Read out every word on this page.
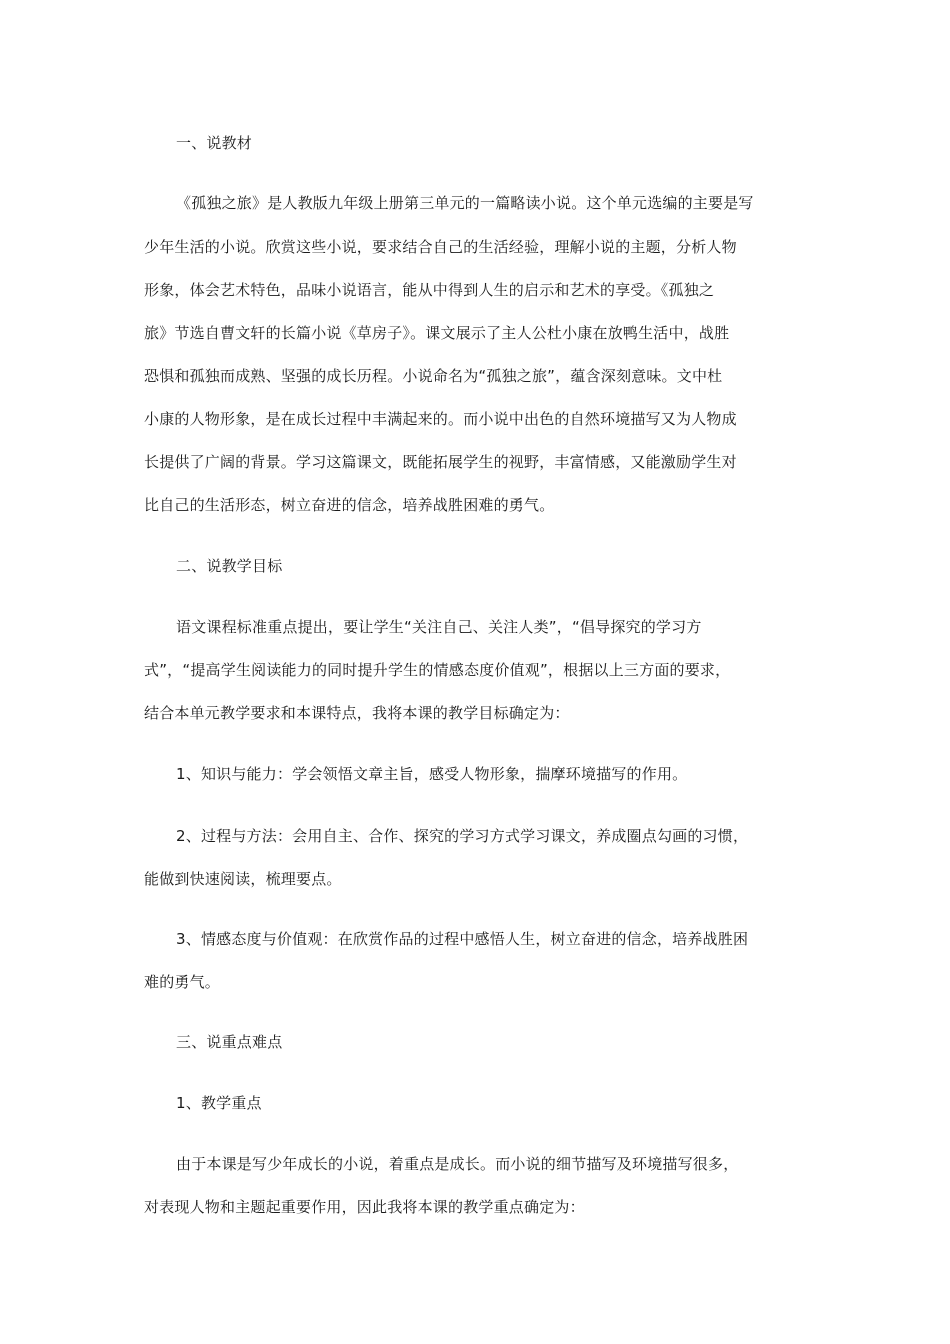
一、说教材
《孤独之旅》是人教版九年级上册第三单元的一篇略读小说。这个单元选编的主要是写
少年生活的小说。欣赏这些小说，要求结合自己的生活经验，理解小说的主题，分析人物
形象，体会艺术特色，品味小说语言，能从中得到人生的启示和艺术的享受。《孤独之
旅》节选自曹文轩的长篇小说《草房子》。课文展示了主人公杜小康在放鸭生活中，战胜
恐惧和孤独而成熟、坚强的成长历程。小说命名为“孤独之旅”，蕴含深刻意味。文中杜
小康的人物形象，是在成长过程中丰满起来的。而小说中出色的自然环境描写又为人物成
长提供了广阔的背景。学习这篇课文，既能拓展学生的视野，丰富情感，又能激励学生对
比自己的生活形态，树立奋进的信念，培养战胜困难的勇气。
二、说教学目标
语文课程标准重点提出，要让学生“关注自己、关注人类”，“倡导探究的学习方
式”，“提高学生阅读能力的同时提升学生的情感态度价值观”，根据以上三方面的要求，
结合本单元教学要求和本课特点，我将本课的教学目标确定为：
1、知识与能力：学会领悟文章主旨，感受人物形象，揣摩环境描写的作用。
2、过程与方法：会用自主、合作、探究的学习方式学习课文，养成圈点勾画的习惯，
能做到快速阅读，梳理要点。
3、情感态度与价值观：在欣赏作品的过程中感悟人生，树立奋进的信念，培养战胜困
难的勇气。
三、说重点难点
1、教学重点
由于本课是写少年成长的小说，着重点是成长。而小说的细节描写及环境描写很多，
对表现人物和主题起重要作用，因此我将本课的教学重点确定为：
